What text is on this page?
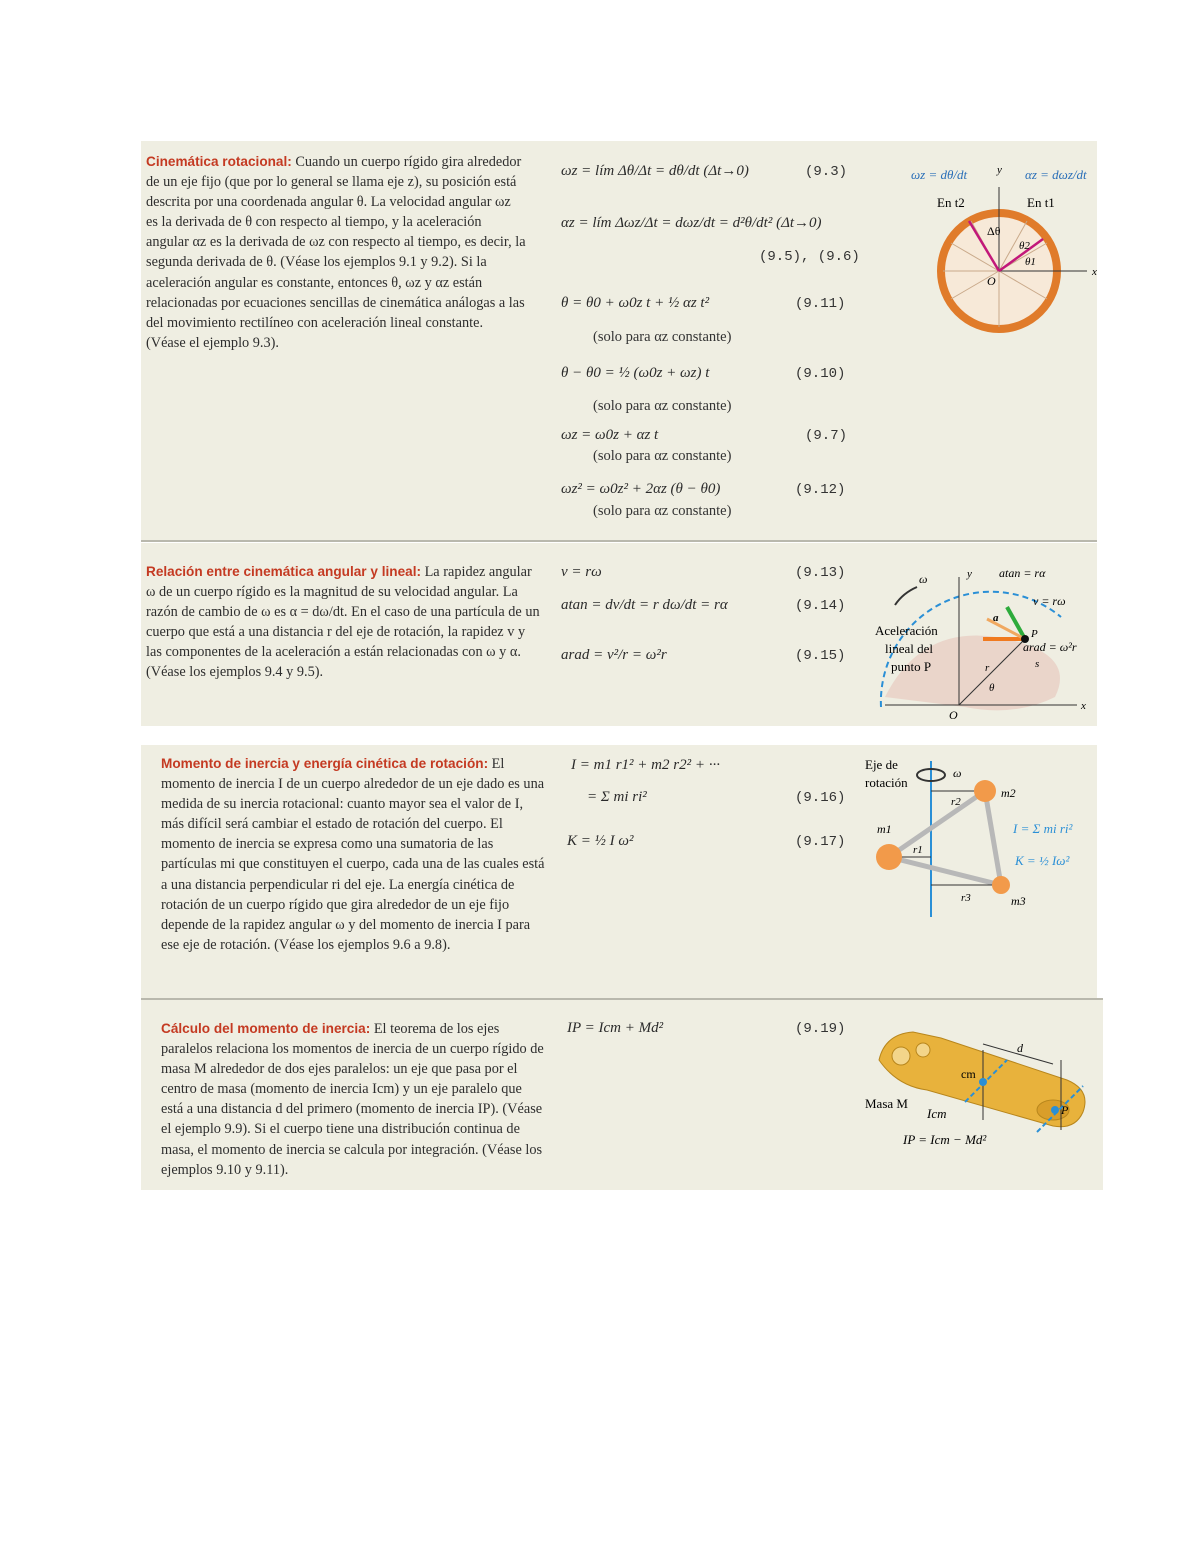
Cinemática rotacional: Cuando un cuerpo rígido gira alrededor de un eje fijo (que por lo general se llama eje z), su posición está descrita por una coordenada angular θ. La velocidad angular ωz es la derivada de θ con respecto al tiempo, y la aceleración angular αz es la derivada de ωz con respecto al tiempo, es decir, la segunda derivada de θ. (Véase los ejemplos 9.1 y 9.2). Si la aceleración angular es constante, entonces θ, ωz y αz están relacionadas por ecuaciones sencillas de cinemática análogas a las del movimiento rectilíneo con aceleración lineal constante. (Véase el ejemplo 9.3).
ωz = lím Δθ/Δt = dθ/dt (Δt→0)	(9.3)
αz = lím Δωz/Δt = dωz/dt = d²θ/dt² (Δt→0)
(9.5), (9.6)
θ = θ0 + ω0z t + ½ αz t²	(9.11)
(solo para αz constante)
θ − θ0 = ½ (ω0z + ωz) t	(9.10)
(solo para αz constante)
ωz = ω0z + αz t	(9.7)
(solo para αz constante)
ωz² = ω0z² + 2αz (θ − θ0)	(9.12)
(solo para αz constante)
ωz = dθ/dt	αz = dωz/dt
y
En t2	En t1
x
O
Δθ
θ2
θ1
Relación entre cinemática angular y lineal: La rapidez angular ω de un cuerpo rígido es la magnitud de su velocidad angular. La razón de cambio de ω es α = dω/dt. En el caso de una partícula de un cuerpo que está a una distancia r del eje de rotación, la rapidez v y las componentes de la aceleración a están relacionadas con ω y α. (Véase los ejemplos 9.4 y 9.5).
v = rω	(9.13)
atan = dv/dt = r dω/dt = rα	(9.14)
arad = v²/r = ω²r	(9.15)
ω	y
x
O
P
r	s
θ
a
atan = rα
v = rω
arad = ω²r
Aceleración
lineal del
punto P
Momento de inercia y energía cinética de rotación: El momento de inercia I de un cuerpo alrededor de un eje dado es una medida de su inercia rotacional: cuanto mayor sea el valor de I, más difícil será cambiar el estado de rotación del cuerpo. El momento de inercia se expresa como una sumatoria de las partículas mi que constituyen el cuerpo, cada una de las cuales está a una distancia perpendicular ri del eje. La energía cinética de rotación de un cuerpo rígido que gira alrededor de un eje fijo depende de la rapidez angular ω y del momento de inercia I para ese eje de rotación. (Véase los ejemplos 9.6 a 9.8).
I = m1 r1² + m2 r2² + ···
= Σ mi ri²	(9.16)
K = ½ I ω²	(9.17)
Eje de
rotación
ω
m1
m2
m3
r1
r2
r3
I = Σ mi ri²
K = ½ Iω²
Cálculo del momento de inercia: El teorema de los ejes paralelos relaciona los momentos de inercia de un cuerpo rígido de masa M alrededor de dos ejes paralelos: un eje que pasa por el centro de masa (momento de inercia Icm) y un eje paralelo que está a una distancia d del primero (momento de inercia IP). (Véase el ejemplo 9.9). Si el cuerpo tiene una distribución continua de masa, el momento de inercia se calcula por integración. (Véase los ejemplos 9.10 y 9.11).
IP = Icm + Md²	(9.19)
d
cm
P
Masa M
Icm
IP = Icm − Md²
